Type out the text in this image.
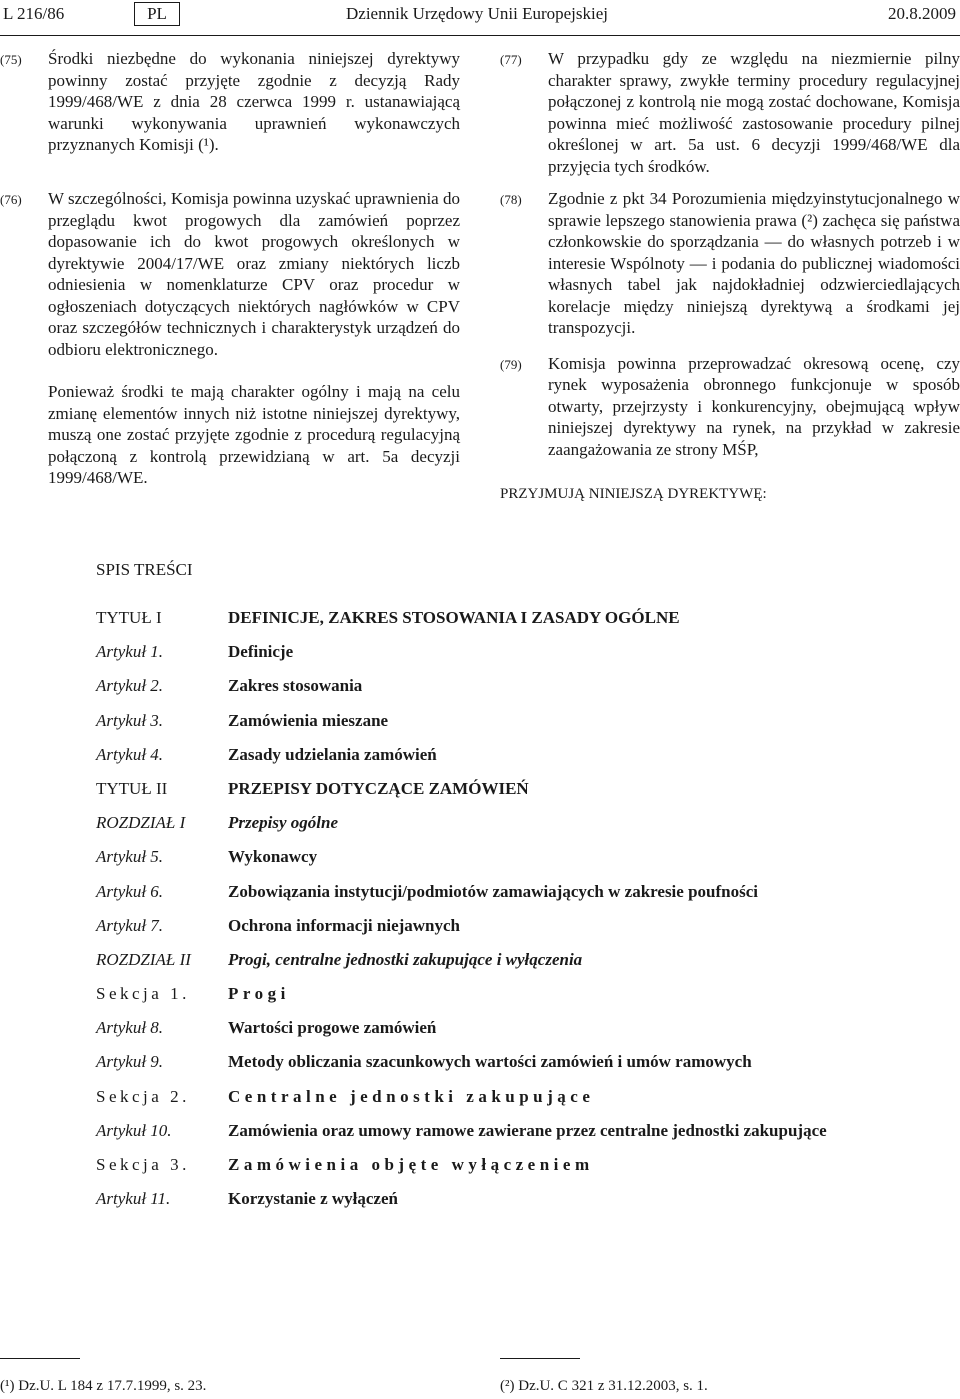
L 216/86	PL	Dziennik Urzędowy Unii Europejskiej	20.8.2009
(75) Środki niezbędne do wykonania niniejszej dyrektywy powinny zostać przyjęte zgodnie z decyzją Rady 1999/468/WE z dnia 28 czerwca 1999 r. ustanawiającą warunki wykonywania uprawnień wykonawczych przyznanych Komisji (¹).

(76) W szczególności, Komisja powinna uzyskać uprawnienia do przeglądu kwot progowych dla zamówień poprzez dopasowanie ich do kwot progowych określonych w dyrektywie 2004/17/WE oraz zmiany niektórych liczb odniesienia w nomenklaturze CPV oraz procedur w ogłoszeniach dotyczących niektórych nagłówków w CPV oraz szczegółów technicznych i charakterystyk urządzeń do odbioru elektronicznego.

Ponieważ środki te mają charakter ogólny i mają na celu zmianę elementów innych niż istotne niniejszej dyrektywy, muszą one zostać przyjęte zgodnie z procedurą regulacyjną połączoną z kontrolą przewidzianą w art. 5a decyzji 1999/468/WE.

(77) W przypadku gdy ze względu na niezmiernie pilny charakter sprawy, zwykłe terminy procedury regulacyjnej połączonej z kontrolą nie mogą zostać dochowane, Komisja powinna mieć możliwość zastosowanie procedury pilnej określonej w art. 5a ust. 6 decyzji 1999/468/WE dla przyjęcia tych środków.

(78) Zgodnie z pkt 34 Porozumienia międzyinstytucjonalnego w sprawie lepszego stanowienia prawa (²) zachęca się państwa członkowskie do sporządzania — do własnych potrzeb i w interesie Wspólnoty — i podania do publicznej wiadomości własnych tabel jak najdokładniej odzwierciedlających korelacje między niniejszą dyrektywą a środkami jej transpozycji.

(79) Komisja powinna przeprowadzać okresową ocenę, czy rynek wyposażenia obronnego funkcjonuje w sposób otwarty, przejrzysty i konkurencyjny, obejmującą wpływ niniejszej dyrektywy na rynek, na przykład w zakresie zaangażowania ze strony MŚP,

PRZYJMUJĄ NINIEJSZĄ DYREKTYWĘ:

SPIS TREŚCI
TYTUŁ I	DEFINICJE, ZAKRES STOSOWANIA I ZASADY OGÓLNE
Artykuł 1.	Definicje
Artykuł 2.	Zakres stosowania
Artykuł 3.	Zamówienia mieszane
Artykuł 4.	Zasady udzielania zamówień
TYTUŁ II	PRZEPISY DOTYCZĄCE ZAMÓWIEŃ
ROZDZIAŁ I	Przepisy ogólne
Artykuł 5.	Wykonawcy
Artykuł 6.	Zobowiązania instytucji/podmiotów zamawiających w zakresie poufności
Artykuł 7.	Ochrona informacji niejawnych
ROZDZIAŁ II	Progi, centralne jednostki zakupujące i wyłączenia
Sekcja 1.	Progi
Artykuł 8.	Wartości progowe zamówień
Artykuł 9.	Metody obliczania szacunkowych wartości zamówień i umów ramowych
Sekcja 2.	Centralne jednostki zakupujące
Artykuł 10.	Zamówienia oraz umowy ramowe zawierane przez centralne jednostki zakupujące
Sekcja 3.	Zamówienia objęte wyłączeniem
Artykuł 11.	Korzystanie z wyłączeń
(¹) Dz.U. L 184 z 17.7.1999, s. 23.	(²) Dz.U. C 321 z 31.12.2003, s. 1.
